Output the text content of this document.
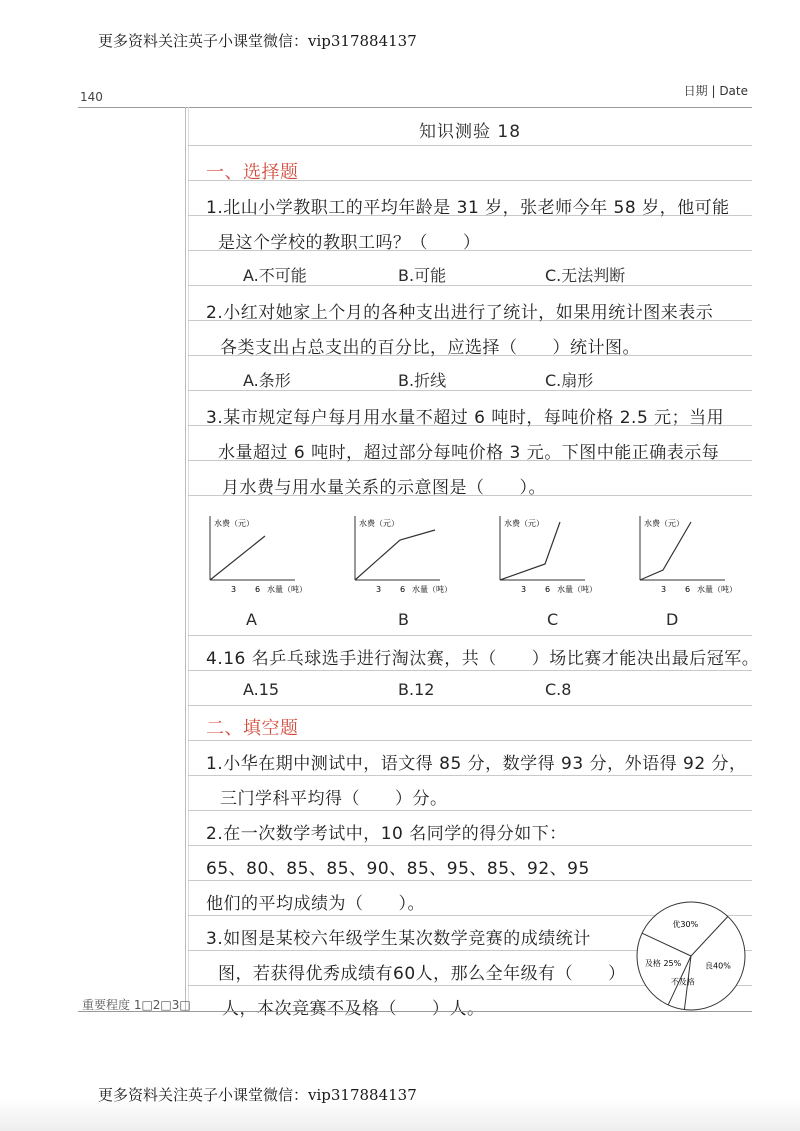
更多资料关注英子小课堂微信：vip317884137
140	日期 | Date
知识测验 18
一、选择题
1.北山小学教职工的平均年龄是 31 岁，张老师今年 58 岁，他可能
是这个学校的教职工吗？（　　）
A.不可能	B.可能	C.无法判断
2.小红对她家上个月的各种支出进行了统计，如果用统计图来表示
各类支出占总支出的百分比，应选择（　　）统计图。
A.条形	B.折线	C.扇形
3.某市规定每户每月用水量不超过 6 吨时，每吨价格 2.5 元；当用
水量超过 6 吨时，超过部分每吨价格 3 元。下图中能正确表示每
月水费与用水量关系的示意图是（　　）。
水费（元）
3 6 水量（吨）
水费（元）
3 6 水量（吨）
水费（元）
3 6 水量（吨）
水费（元）
3 6 水量（吨）
A	B	C	D
4.16 名乒乓球选手进行淘汰赛，共（　　）场比赛才能决出最后冠军。
A.15	B.12	C.8
二、填空题
1.小华在期中测试中，语文得 85 分，数学得 93 分，外语得 92 分，
三门学科平均得（　　）分。
2.在一次数学考试中，10 名同学的得分如下：
65、80、85、85、90、85、95、85、92、95
他们的平均成绩为（　　）。
3.如图是某校六年级学生某次数学竞赛的成绩统计
图，若获得优秀成绩有60人，那么全年级有（　　）
人，本次竞赛不及格（　　）人。
优30%
良40%
不及格
及格 25%
重要程度 1□2□3□
更多资料关注英子小课堂微信：vip317884137
